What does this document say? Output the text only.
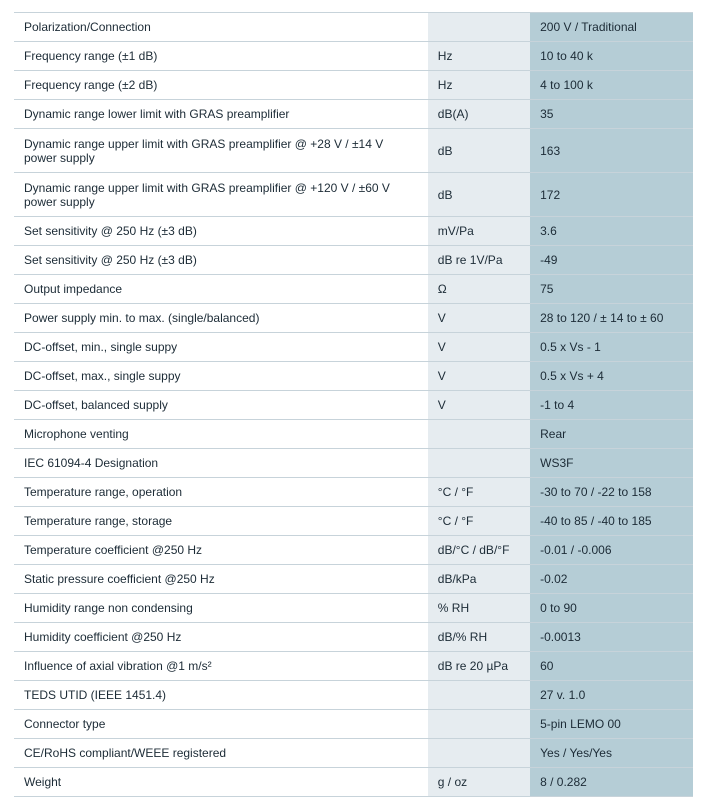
Polarization/Connection		200 V / Traditional
Frequency range (±1 dB)	Hz	10 to 40 k
Frequency range (±2 dB)	Hz	4 to 100 k
Dynamic range lower limit with GRAS preamplifier	dB(A)	35
Dynamic range upper limit with GRAS preamplifier @ +28 V / ±14 V power supply	dB	163
Dynamic range upper limit with GRAS preamplifier @ +120 V / ±60 V power supply	dB	172
Set sensitivity @ 250 Hz (±3 dB)	mV/Pa	3.6
Set sensitivity @ 250 Hz (±3 dB)	dB re 1V/Pa	-49
Output impedance	Ω	75
Power supply min. to max. (single/balanced)	V	28 to 120 / ± 14 to ± 60
DC-offset, min., single suppy	V	0.5 x Vs - 1
DC-offset, max., single suppy	V	0.5 x Vs + 4
DC-offset, balanced supply	V	-1 to 4
Microphone venting		Rear
IEC 61094-4 Designation		WS3F
Temperature range, operation	°C / °F	-30 to 70 / -22 to 158
Temperature range, storage	°C / °F	-40 to 85 / -40 to 185
Temperature coefficient @250 Hz	dB/°C / dB/°F	-0.01 / -0.006
Static pressure coefficient @250 Hz	dB/kPa	-0.02
Humidity range non condensing	% RH	0 to 90
Humidity coefficient @250 Hz	dB/% RH	-0.0013
Influence of axial vibration @1 m/s²	dB re 20 µPa	60
TEDS UTID (IEEE 1451.4)		27 v. 1.0
Connector type		5-pin LEMO 00
CE/RoHS compliant/WEEE registered		Yes / Yes/Yes
Weight	g / oz	8 / 0.282
